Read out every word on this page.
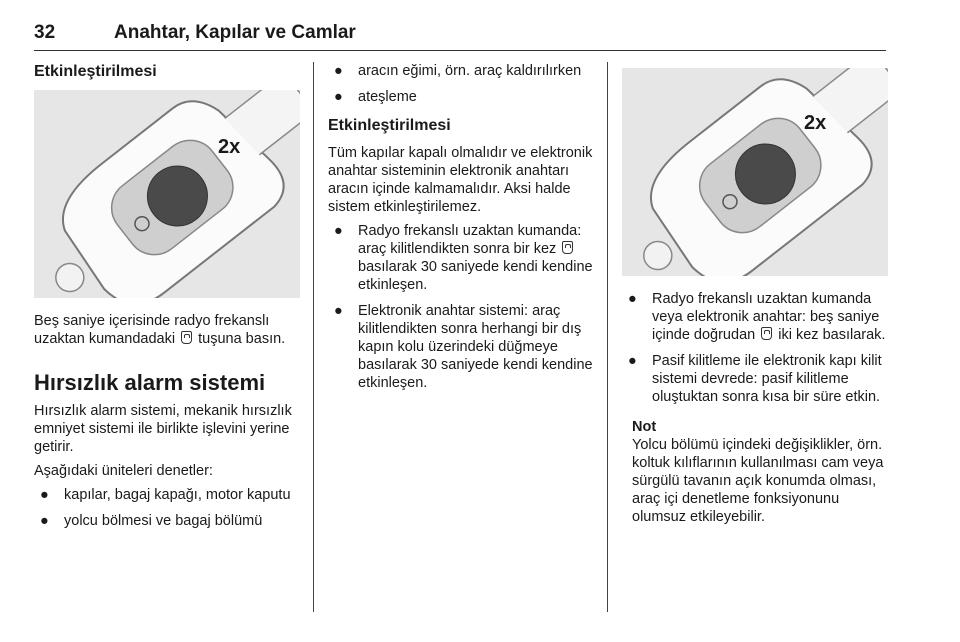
32	Anahtar, Kapılar ve Camlar
Etkinleştirilmesi
2x

Beş saniye içerisinde radyo frekanslı uzaktan kumandadaki  tuşuna basın.

Hırsızlık alarm sistemi

Hırsızlık alarm sistemi, mekanik hırsızlık emniyet sistemi ile birlikte işlevini yerine getirir.

Aşağıdaki üniteleri denetler:

● kapılar, bagaj kapağı, motor kaputu
● yolcu bölmesi ve bagaj bölümü
● aracın eğimi, örn. araç kaldırılırken
● ateşleme
Etkinleştirilmesi

Tüm kapılar kapalı olmalıdır ve elektronik anahtar sisteminin elektronik anahtarı aracın içinde kalmamalıdır. Aksi halde sistem etkinleştirilemez.

● Radyo frekanslı uzaktan kumanda: araç kilitlendikten sonra bir kez  basılarak 30 saniyede kendi kendine etkinleşen.
● Elektronik anahtar sistemi: araç kilitlendikten sonra herhangi bir dış kapın kolu üzerindeki düğmeye basılarak 30 saniyede kendi kendine etkinleşen.
2x
● Radyo frekanslı uzaktan kumanda veya elektronik anahtar: beş saniye içinde doğrudan  iki kez basılarak.
● Pasif kilitleme ile elektronik kapı kilit sistemi devrede: pasif kilitleme oluştuktan sonra kısa bir süre etkin.
Not
Yolcu bölümü içindeki değişiklikler, örn. koltuk kılıflarının kullanılması cam veya sürgülü tavanın açık konumda olması, araç içi denetleme fonksiyonunu olumsuz etkileyebilir.
